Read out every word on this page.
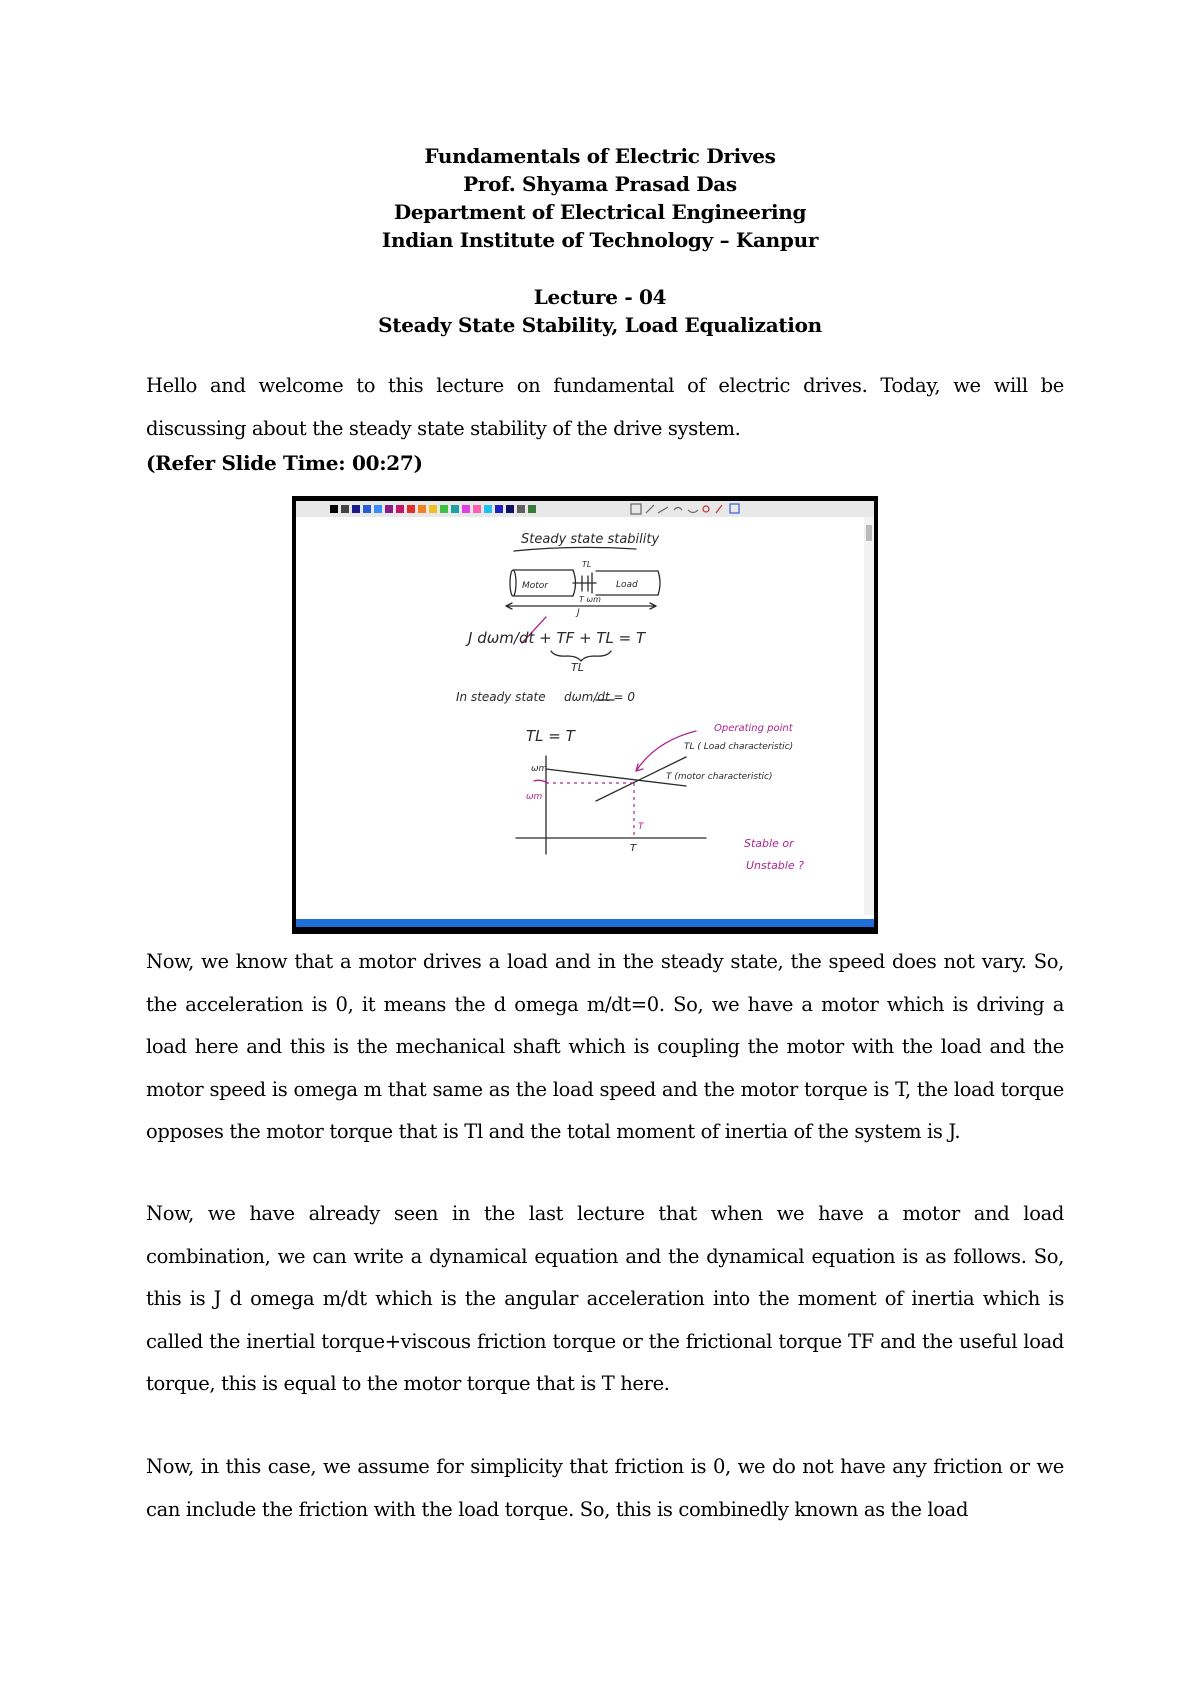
Fundamentals of Electric Drives
Prof. Shyama Prasad Das
Department of Electrical Engineering
Indian Institute of Technology – Kanpur
Lecture - 04
Steady State Stability, Load Equalization
Hello and welcome to this lecture on fundamental of electric drives. Today, we will be discussing about the steady state stability of the drive system.
(Refer Slide Time: 00:27)
Steady state stability
Motor	Load
TL
T ωm
J
J dωm/dt + TF + TL = T
TL
In steady state dωm/dt = 0
TL = T
ωm
ωm
T
T
T (motor characteristic)
TL ( Load characteristic)
Operating point
Stable or
Unstable ?
Now, we know that a motor drives a load and in the steady state, the speed does not vary. So, the acceleration is 0, it means the d omega m/dt=0. So, we have a motor which is driving a load here and this is the mechanical shaft which is coupling the motor with the load and the motor speed is omega m that same as the load speed and the motor torque is T, the load torque opposes the motor torque that is Tl and the total moment of inertia of the system is J.
Now, we have already seen in the last lecture that when we have a motor and load combination, we can write a dynamical equation and the dynamical equation is as follows. So, this is J d omega m/dt which is the angular acceleration into the moment of inertia which is called the inertial torque+viscous friction torque or the frictional torque TF and the useful load torque, this is equal to the motor torque that is T here.
Now, in this case, we assume for simplicity that friction is 0, we do not have any friction or we can include the friction with the load torque. So, this is combinedly known as the load
